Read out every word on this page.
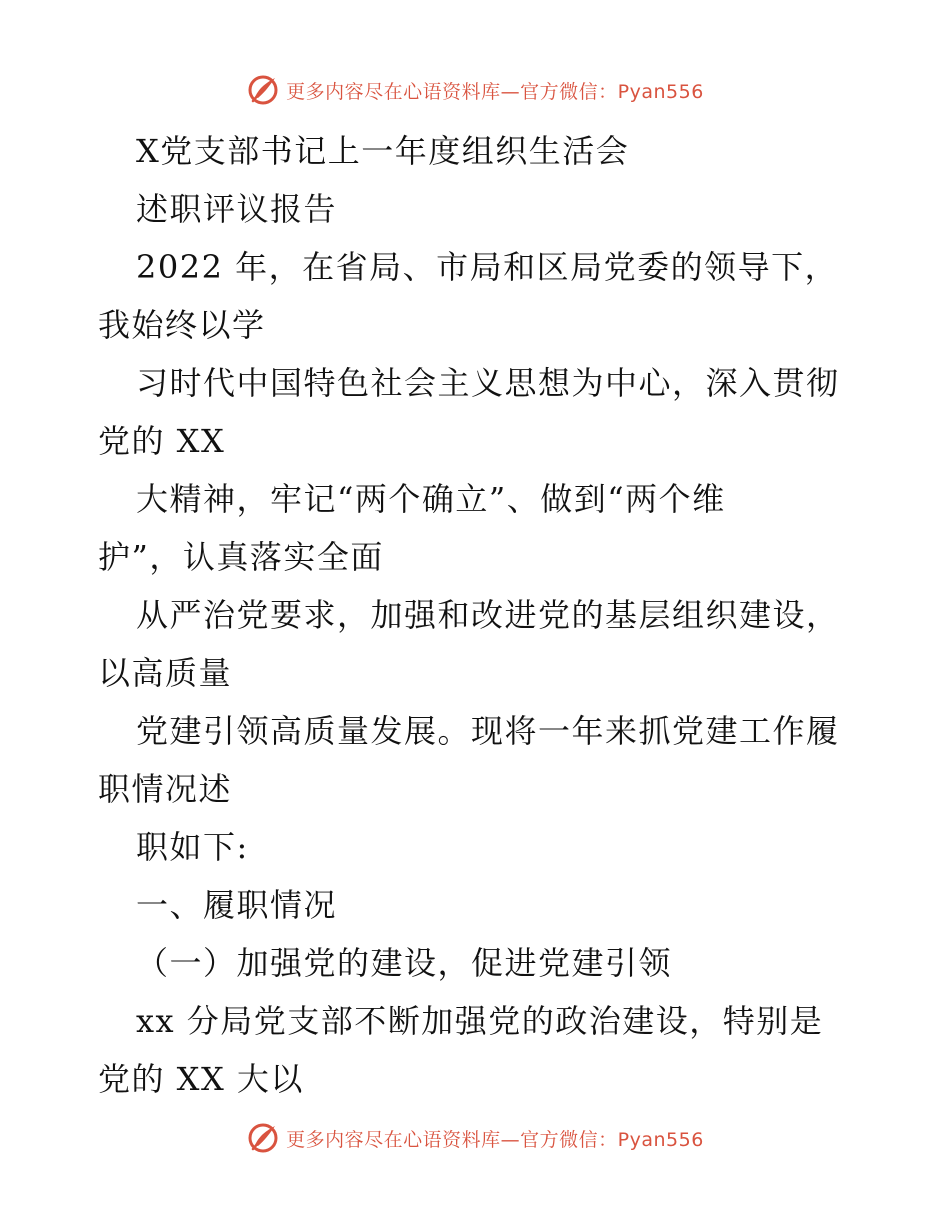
更多内容尽在心语资料库—官方微信：Pyan556
X党支部书记上一年度组织生活会
述职评议报告
2022 年，在省局、市局和区局党委的领导下，
我始终以学
习时代中国特色社会主义思想为中心，深入贯彻
党的 XX
大精神，牢记“两个确立”、做到“两个维
护”，认真落实全面
从严治党要求，加强和改进党的基层组织建设，
以高质量
党建引领高质量发展。现将一年来抓党建工作履
职情况述
职如下:
一、履职情况
（一）加强党的建设，促进党建引领
xx 分局党支部不断加强党的政治建设，特别是
党的 XX 大以
更多内容尽在心语资料库—官方微信：Pyan556
